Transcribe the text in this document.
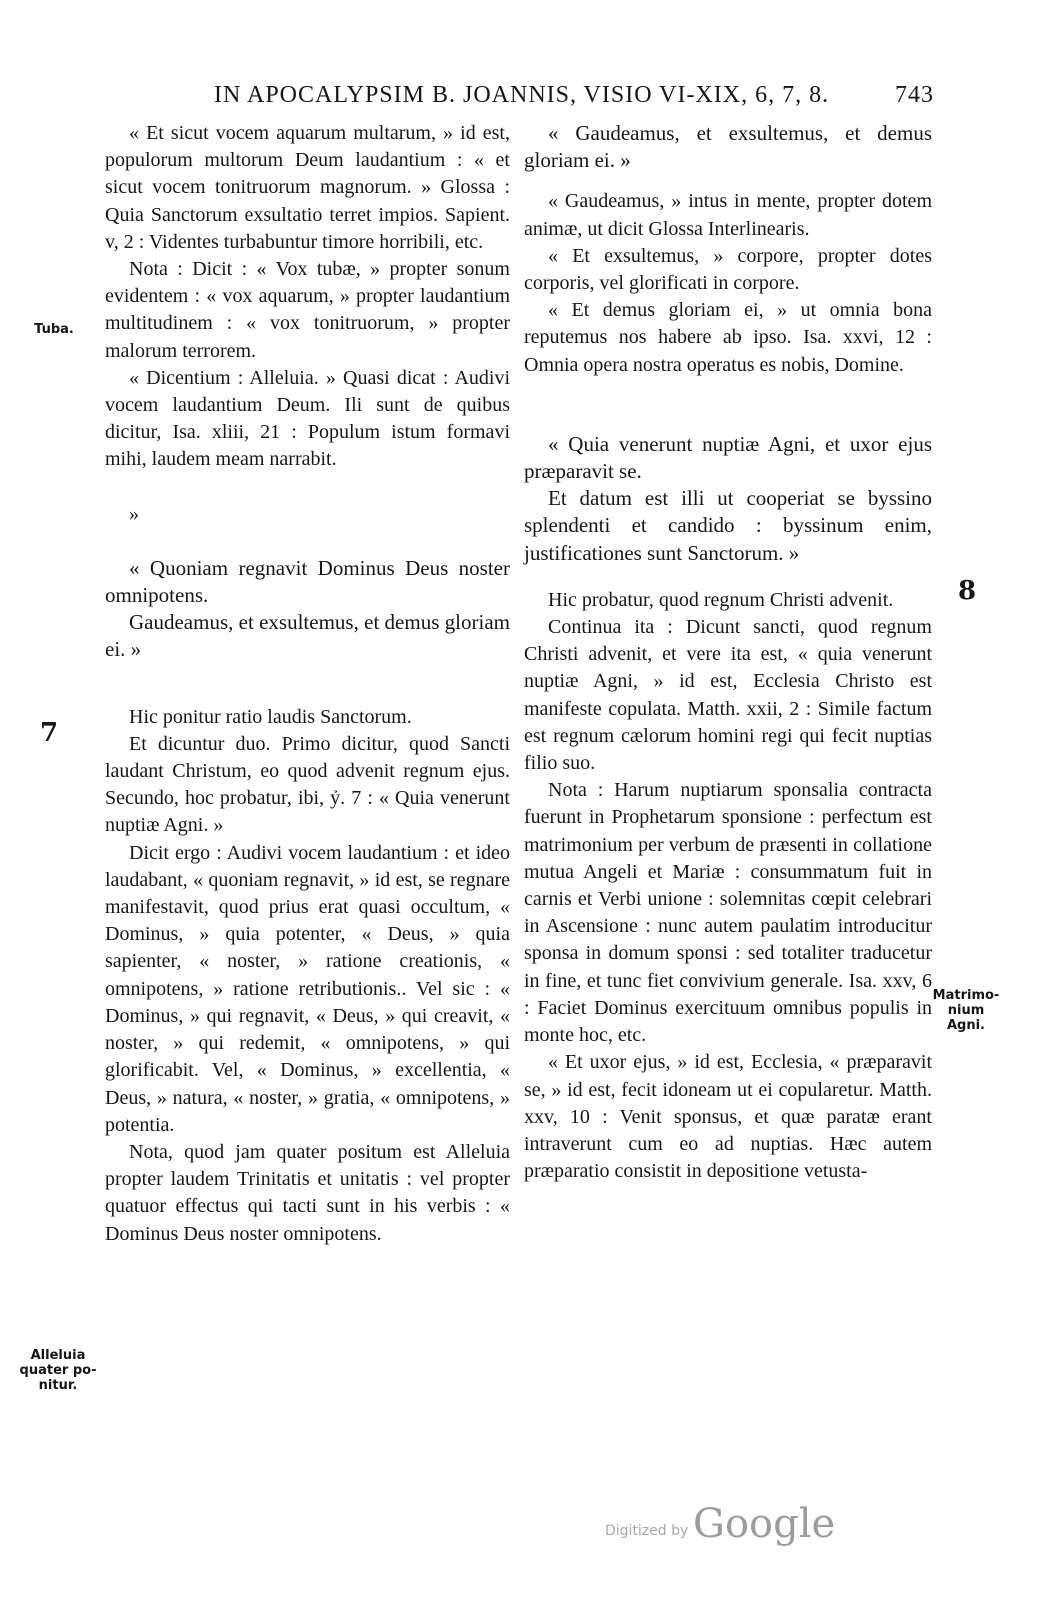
IN APOCALYPSIM B. JOANNIS, VISIO VI-XIX, 6, 7, 8.	743
Tuba.
7
8
Alleluia
quater po-
nitur.
Matrimo-
nium
Agni.

« Et sicut vocem aquarum multarum, » id est, populorum multorum Deum laudantium : « et sicut vocem tonitruorum magnorum. » Glossa : Quia Sanctorum exsultatio terret impios. Sapient. v, 2 : Videntes turbabuntur timore horribili, etc.

Nota : Dicit : « Vox tubæ, » propter sonum evidentem : « vox aquarum, » propter laudantium multitudinem : « vox tonitruorum, » propter malorum terrorem.

« Dicentium : Alleluia. » Quasi dicat : Audivi vocem laudantium Deum. Ili sunt de quibus dicitur, Isa. xliii, 21 : Populum istum formavi mihi, laudem meam narrabit.

»

« Quoniam regnavit Dominus Deus noster omnipotens.

Gaudeamus, et exsultemus, et demus gloriam ei. »

Hic ponitur ratio laudis Sanctorum.

Et dicuntur duo. Primo dicitur, quod Sancti laudant Christum, eo quod advenit regnum ejus. Secundo, hoc probatur, ibi, ỷ. 7 : « Quia venerunt nuptiæ Agni. »

Dicit ergo : Audivi vocem laudantium : et ideo laudabant, « quoniam regnavit, » id est, se regnare manifestavit, quod prius erat quasi occultum, « Dominus, » quia potenter, « Deus, » quia sapienter, « noster, » ratione creationis, « omnipotens, » ratione retributionis.. Vel sic : « Dominus, » qui regnavit, « Deus, » qui creavit, « noster, » qui redemit, « omnipotens, » qui glorificabit. Vel, « Dominus, » excellentia, « Deus, » natura, « noster, » gratia, « omnipotens, » potentia.

Nota, quod jam quater positum est Alleluia propter laudem Trinitatis et unitatis : vel propter quatuor effectus qui tacti sunt in his verbis : « Dominus Deus noster omnipotens.

« Gaudeamus, et exsultemus, et demus gloriam ei. »

« Gaudeamus, » intus in mente, propter dotem animæ, ut dicit Glossa Interlinearis.

« Et exsultemus, » corpore, propter dotes corporis, vel glorificati in corpore.

« Et demus gloriam ei, » ut omnia bona reputemus nos habere ab ipso. Isa. xxvi, 12 : Omnia opera nostra operatus es nobis, Domine.

« Quia venerunt nuptiæ Agni, et uxor ejus præparavit se.

Et datum est illi ut cooperiat se byssino splendenti et candido : byssinum enim, justificationes sunt Sanctorum. »

Hic probatur, quod regnum Christi advenit.

Continua ita : Dicunt sancti, quod regnum Christi advenit, et vere ita est, « quia venerunt nuptiæ Agni, » id est, Ecclesia Christo est manifeste copulata. Matth. xxii, 2 : Simile factum est regnum cælorum homini regi qui fecit nuptias filio suo.

Nota : Harum nuptiarum sponsalia contracta fuerunt in Prophetarum sponsione : perfectum est matrimonium per verbum de præsenti in collatione mutua Angeli et Mariæ : consummatum fuit in carnis et Verbi unione : solemnitas cœpit celebrari in Ascensione : nunc autem paulatim introducitur sponsa in domum sponsi : sed totaliter traducetur in fine, et tunc fiet convivium generale. Isa. xxv, 6 : Faciet Dominus exercituum omnibus populis in monte hoc, etc.

« Et uxor ejus, » id est, Ecclesia, « præparavit se, » id est, fecit idoneam ut ei copularetur. Matth. xxv, 10 : Venit sponsus, et quæ paratæ erant intraverunt cum eo ad nuptias. Hæc autem præparatio consistit in depositione vetusta-

Digitized by Google
